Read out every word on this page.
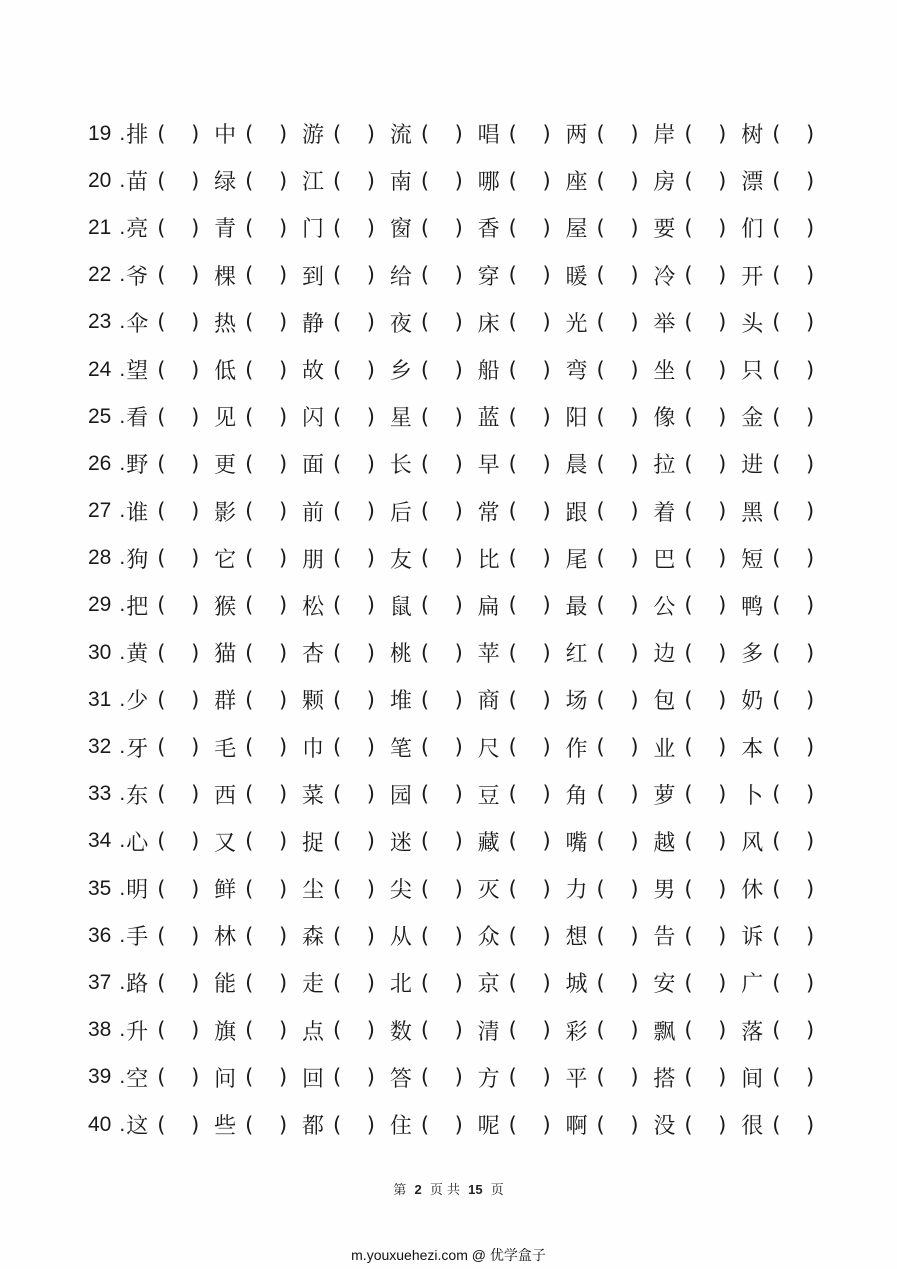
19 . 排 ( ) 中 ( ) 游 ( ) 流 ( ) 唱 ( ) 两 ( ) 岸 ( ) 树 ( )
20 . 苗 ( ) 绿 ( ) 江 ( ) 南 ( ) 哪 ( ) 座 ( ) 房 ( ) 漂 ( )
21 . 亮 ( ) 青 ( ) 门 ( ) 窗 ( ) 香 ( ) 屋 ( ) 要 ( ) 们 ( )
22 . 爷 ( ) 棵 ( ) 到 ( ) 给 ( ) 穿 ( ) 暖 ( ) 冷 ( ) 开 ( )
23 . 伞 ( ) 热 ( ) 静 ( ) 夜 ( ) 床 ( ) 光 ( ) 举 ( ) 头 ( )
24 . 望 ( ) 低 ( ) 故 ( ) 乡 ( ) 船 ( ) 弯 ( ) 坐 ( ) 只 ( )
25 . 看 ( ) 见 ( ) 闪 ( ) 星 ( ) 蓝 ( ) 阳 ( ) 像 ( ) 金 ( )
26 . 野 ( ) 更 ( ) 面 ( ) 长 ( ) 早 ( ) 晨 ( ) 拉 ( ) 进 ( )
27 . 谁 ( ) 影 ( ) 前 ( ) 后 ( ) 常 ( ) 跟 ( ) 着 ( ) 黑 ( )
28 . 狗 ( ) 它 ( ) 朋 ( ) 友 ( ) 比 ( ) 尾 ( ) 巴 ( ) 短 ( )
29 . 把 ( ) 猴 ( ) 松 ( ) 鼠 ( ) 扁 ( ) 最 ( ) 公 ( ) 鸭 ( )
30 . 黄 ( ) 猫 ( ) 杏 ( ) 桃 ( ) 苹 ( ) 红 ( ) 边 ( ) 多 ( )
31 . 少 ( ) 群 ( ) 颗 ( ) 堆 ( ) 商 ( ) 场 ( ) 包 ( ) 奶 ( )
32 . 牙 ( ) 毛 ( ) 巾 ( ) 笔 ( ) 尺 ( ) 作 ( ) 业 ( ) 本 ( )
33 . 东 ( ) 西 ( ) 菜 ( ) 园 ( ) 豆 ( ) 角 ( ) 萝 ( ) 卜 ( )
34 . 心 ( ) 又 ( ) 捉 ( ) 迷 ( ) 藏 ( ) 嘴 ( ) 越 ( ) 风 ( )
35 . 明 ( ) 鲜 ( ) 尘 ( ) 尖 ( ) 灭 ( ) 力 ( ) 男 ( ) 休 ( )
36 . 手 ( ) 林 ( ) 森 ( ) 从 ( ) 众 ( ) 想 ( ) 告 ( ) 诉 ( )
37 . 路 ( ) 能 ( ) 走 ( ) 北 ( ) 京 ( ) 城 ( ) 安 ( ) 广 ( )
38 . 升 ( ) 旗 ( ) 点 ( ) 数 ( ) 清 ( ) 彩 ( ) 飘 ( ) 落 ( )
39 . 空 ( ) 问 ( ) 回 ( ) 答 ( ) 方 ( ) 平 ( ) 搭 ( ) 间 ( )
40 . 这 ( ) 些 ( ) 都 ( ) 住 ( ) 呢 ( ) 啊 ( ) 没 ( ) 很 ( )
第 2 页 共 15 页
m.youxuehezi.com @ 优学盒子
